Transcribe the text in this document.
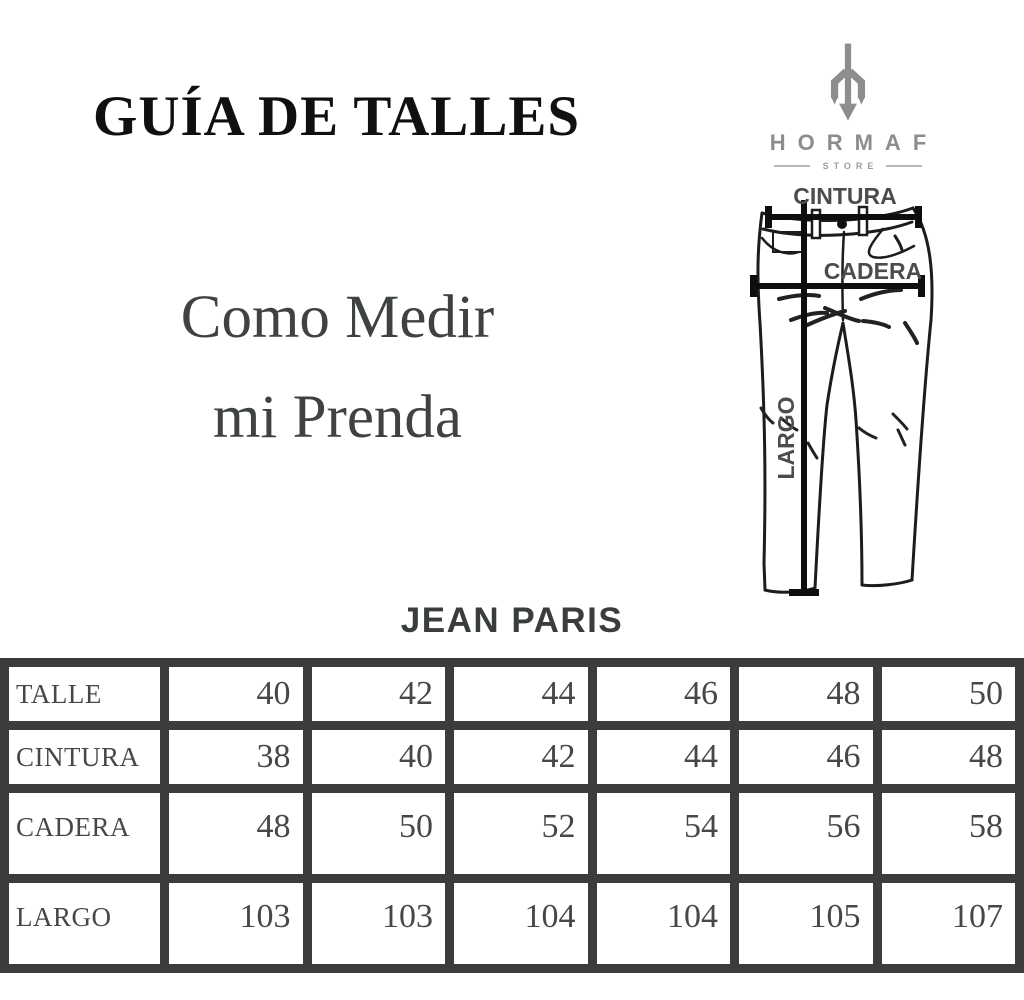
GUÍA DE TALLES
Como Medir
mi Prenda
HORMAF
STORE
CINTURA
CADERA
LARGO
JEAN PARIS
TALLE	40	42	44	46	48	50
CINTURA	38	40	42	44	46	48
CADERA	48	50	52	54	56	58
LARGO	103	103	104	104	105	107
